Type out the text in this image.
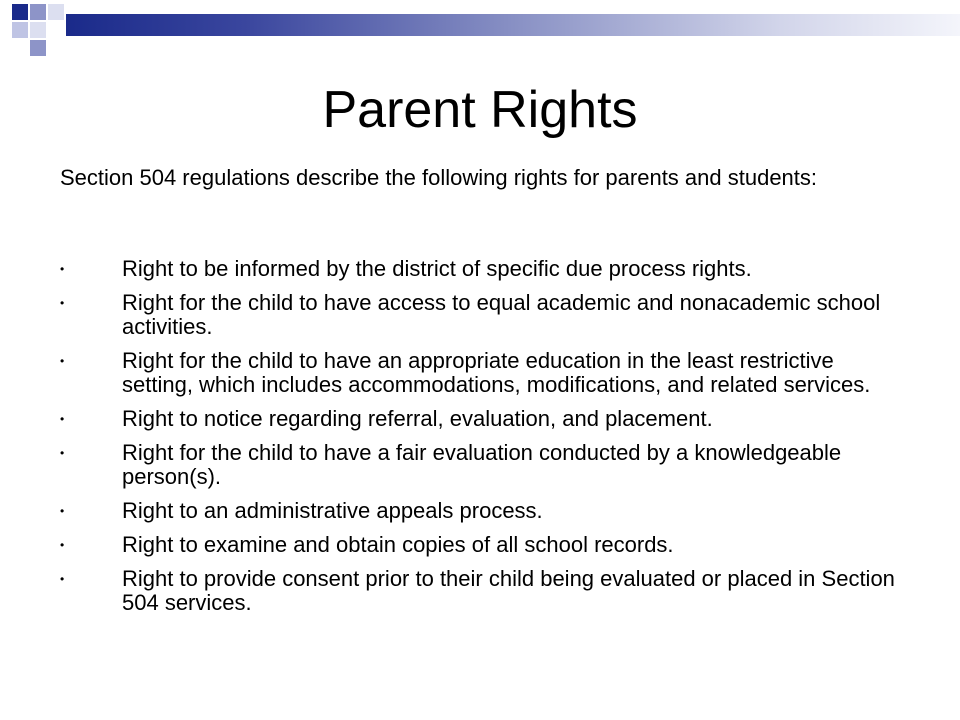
Parent Rights

Section 504 regulations describe the following rights for parents and students:

•	Right to be informed by the district of specific due process rights.
•	Right for the child to have access to equal academic and nonacademic school activities.
•	Right for the child to have an appropriate education in the least restrictive setting, which includes accommodations, modifications, and related services.
•	Right to notice regarding referral, evaluation, and placement.
•	Right for the child to have a fair evaluation conducted by a knowledgeable person(s).
•	Right to an administrative appeals process.
•	Right to examine and obtain copies of all school records.
•	Right to provide consent prior to their child being evaluated or placed in Section 504 services.
